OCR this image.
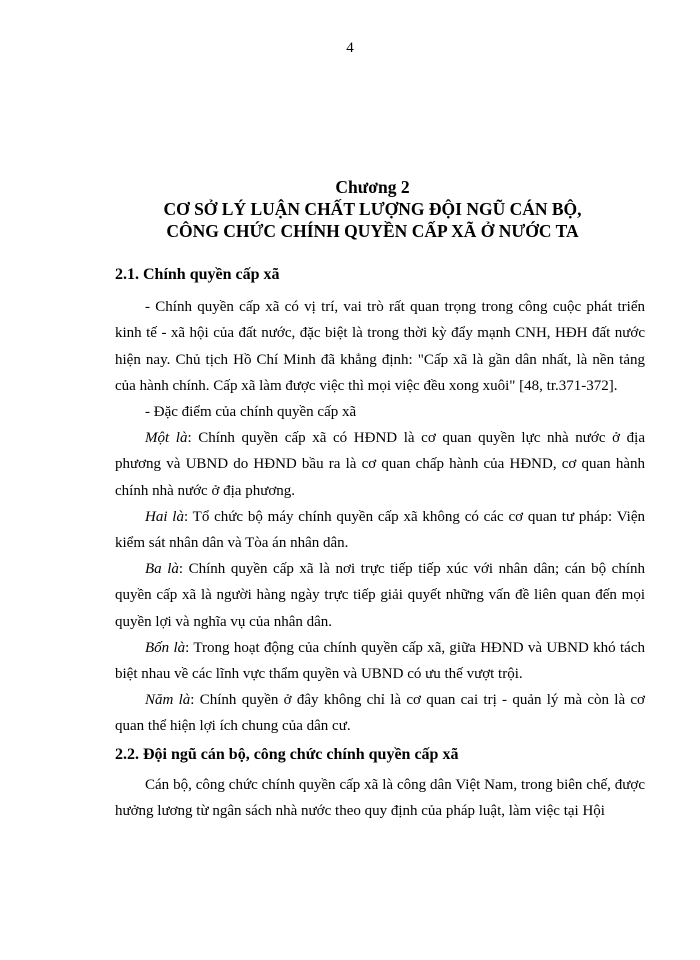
4
Chương 2
CƠ SỞ LÝ LUẬN CHẤT LƯỢNG ĐỘI NGŨ CÁN BỘ,
CÔNG CHỨC CHÍNH QUYỀN CẤP XÃ Ở NƯỚC TA

2.1. Chính quyền cấp xã

- Chính quyền cấp xã có vị trí, vai trò rất quan trọng trong công cuộc phát triển kinh tế - xã hội của đất nước, đặc biệt là trong thời kỳ đẩy mạnh CNH, HĐH đất nước hiện nay. Chủ tịch Hồ Chí Minh đã khẳng định: "Cấp xã là gần dân nhất, là nền tảng của hành chính. Cấp xã làm được việc thì mọi việc đều xong xuôi" [48, tr.371-372].

- Đặc điểm của chính quyền cấp xã

Một là: Chính quyền cấp xã có HĐND là cơ quan quyền lực nhà nước ở địa phương và UBND do HĐND bầu ra là cơ quan chấp hành của HĐND, cơ quan hành chính nhà nước ở địa phương.

Hai là: Tổ chức bộ máy chính quyền cấp xã không có các cơ quan tư pháp: Viện kiểm sát nhân dân và Tòa án nhân dân.

Ba là: Chính quyền cấp xã là nơi trực tiếp tiếp xúc với nhân dân; cán bộ chính quyền cấp xã là người hàng ngày trực tiếp giải quyết những vấn đề liên quan đến mọi quyền lợi và nghĩa vụ của nhân dân.

Bốn là: Trong hoạt động của chính quyền cấp xã, giữa HĐND và UBND khó tách biệt nhau về các lĩnh vực thẩm quyền và UBND có ưu thế vượt trội.

Năm là: Chính quyền ở đây không chỉ là cơ quan cai trị - quản lý mà còn là cơ quan thể hiện lợi ích chung của dân cư.

2.2. Đội ngũ cán bộ, công chức chính quyền cấp xã

Cán bộ, công chức chính quyền cấp xã là công dân Việt Nam, trong biên chế, được hưởng lương từ ngân sách nhà nước theo quy định của pháp luật, làm việc tại Hội
